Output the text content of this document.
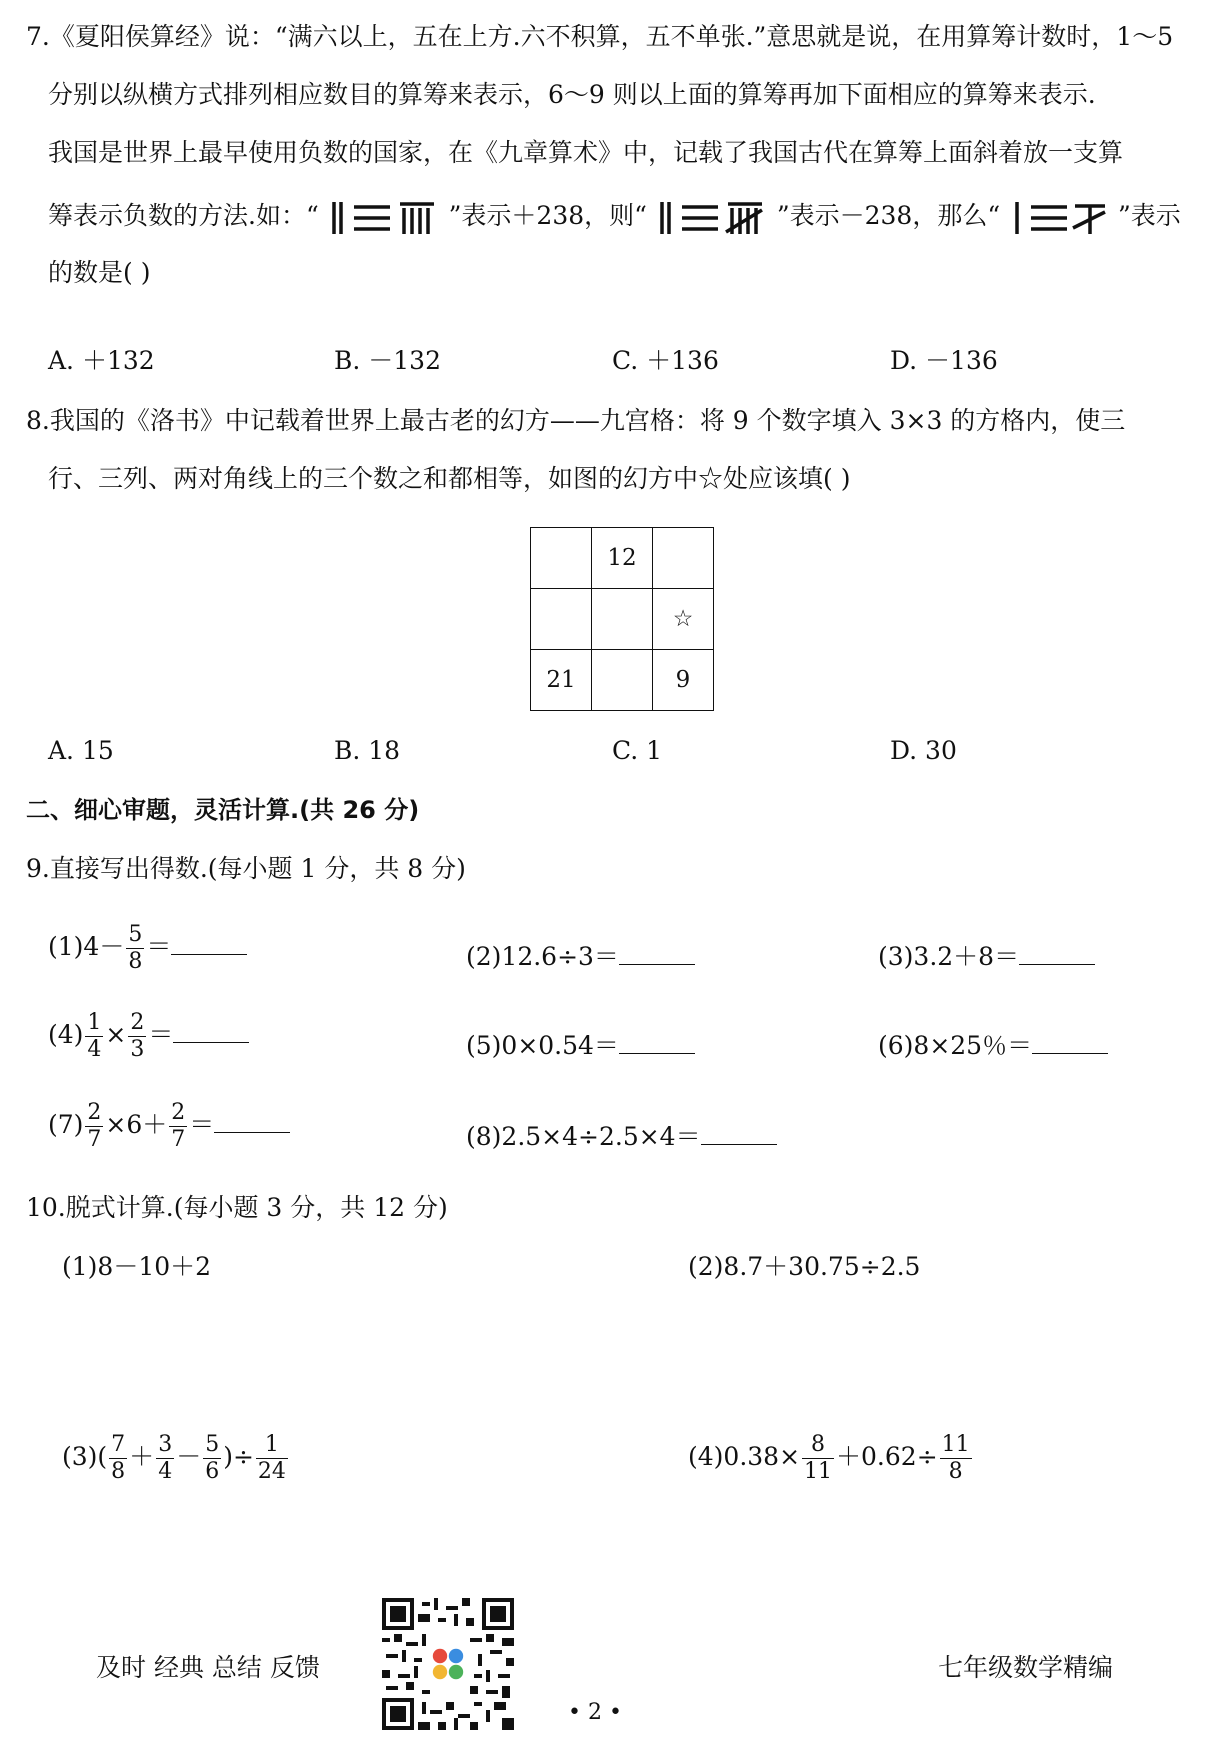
7.《夏阳侯算经》说：“满六以上，五在上方.六不积算，五不单张.”意思就是说，在用算筹计数时，1～5
分别以纵横方式排列相应数目的算筹来表示，6～9 则以上面的算筹再加下面相应的算筹来表示.
我国是世界上最早使用负数的国家，在《九章算术》中，记载了我国古代在算筹上面斜着放一支算
筹表示负数的方法.如：“	”表示＋238，则“	”表示－238，那么“	”表示
的数是( )
A. ＋132	B. －132	C. ＋136	D. －136
8.我国的《洛书》中记载着世界上最古老的幻方——九宫格：将 9 个数字填入 3×3 的方格内，使三
行、三列、两对角线上的三个数之和都相等，如图的幻方中☆处应该填( )
	12	
		☆
21		9
A. 15	B. 18	C. 1	D. 30
二、细心审题，灵活计算.(共 26 分)
9.直接写出得数.(每小题 1 分，共 8 分)
$(1)4- \frac{5}{8}$ ＝	(2)12.6÷3＝	(3)3.2＋8＝
$(4) \frac{1}{4} \times \frac{2}{3}$ ＝	(5)0×0.54＝	(6)8×25％＝
$(7) \frac{2}{7} \times 6+ \frac{2}{7}$ ＝	(8)2.5×4÷2.5×4＝
10.脱式计算.(每小题 3 分，共 12 分)
(1)8－10＋2	(2)8.7＋30.75÷2.5
$(3)( \frac{7}{8} + \frac{3}{4} - \frac{5}{6}$ )÷ $\frac{1}{24}$	$(4)0.38\times \frac{8}{11} +0.62\div \frac{11}{8}$
及时 经典 总结 反馈
• 2 •
七年级数学精编
